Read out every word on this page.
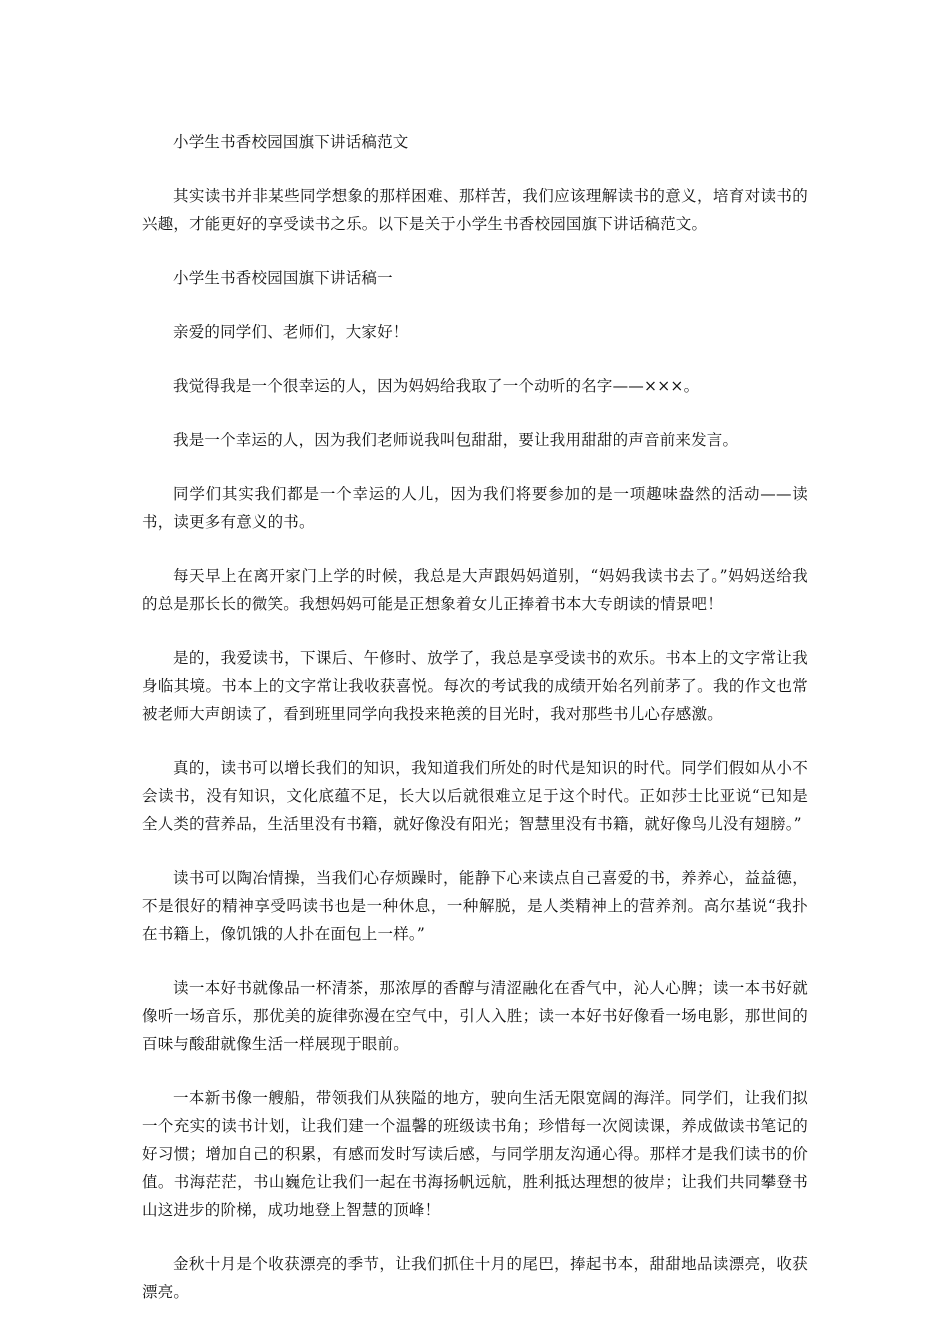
小学生书香校园国旗下讲话稿范文

其实读书并非某些同学想象的那样困难、那样苦，我们应该理解读书的意义，培育对读书的兴趣，才能更好的享受读书之乐。以下是关于小学生书香校园国旗下讲话稿范文。

小学生书香校园国旗下讲话稿一

亲爱的同学们、老师们，大家好！

我觉得我是一个很幸运的人，因为妈妈给我取了一个动听的名字——×××。

我是一个幸运的人，因为我们老师说我叫包甜甜，要让我用甜甜的声音前来发言。

同学们其实我们都是一个幸运的人儿，因为我们将要参加的是一项趣味盎然的活动——读书，读更多有意义的书。

每天早上在离开家门上学的时候，我总是大声跟妈妈道别，“妈妈我读书去了。”妈妈送给我的总是那长长的微笑。我想妈妈可能是正想象着女儿正捧着书本大专朗读的情景吧！

是的，我爱读书，下课后、午修时、放学了，我总是享受读书的欢乐。书本上的文字常让我身临其境。书本上的文字常让我收获喜悦。每次的考试我的成绩开始名列前茅了。我的作文也常被老师大声朗读了，看到班里同学向我投来艳羡的目光时，我对那些书儿心存感激。

真的，读书可以增长我们的知识，我知道我们所处的时代是知识的时代。同学们假如从小不会读书，没有知识，文化底蕴不足，长大以后就很难立足于这个时代。正如莎士比亚说“已知是全人类的营养品，生活里没有书籍，就好像没有阳光；智慧里没有书籍，就好像鸟儿没有翅膀。”

读书可以陶冶情操，当我们心存烦躁时，能静下心来读点自己喜爱的书，养养心，益益德，不是很好的精神享受吗读书也是一种休息，一种解脱，是人类精神上的营养剂。高尔基说“我扑在书籍上，像饥饿的人扑在面包上一样。”

读一本好书就像品一杯清茶，那浓厚的香醇与清涩融化在香气中，沁人心脾；读一本书好就像听一场音乐，那优美的旋律弥漫在空气中，引人入胜；读一本好书好像看一场电影，那世间的百味与酸甜就像生活一样展现于眼前。

一本新书像一艘船，带领我们从狭隘的地方，驶向生活无限宽阔的海洋。同学们，让我们拟一个充实的读书计划，让我们建一个温馨的班级读书角；珍惜每一次阅读课，养成做读书笔记的好习惯；增加自己的积累，有感而发时写读后感，与同学朋友沟通心得。那样才是我们读书的价值。书海茫茫，书山巍危让我们一起在书海扬帆远航，胜利抵达理想的彼岸；让我们共同攀登书山这进步的阶梯，成功地登上智慧的顶峰！

金秋十月是个收获漂亮的季节，让我们抓住十月的尾巴，捧起书本，甜甜地品读漂亮，收获漂亮。
